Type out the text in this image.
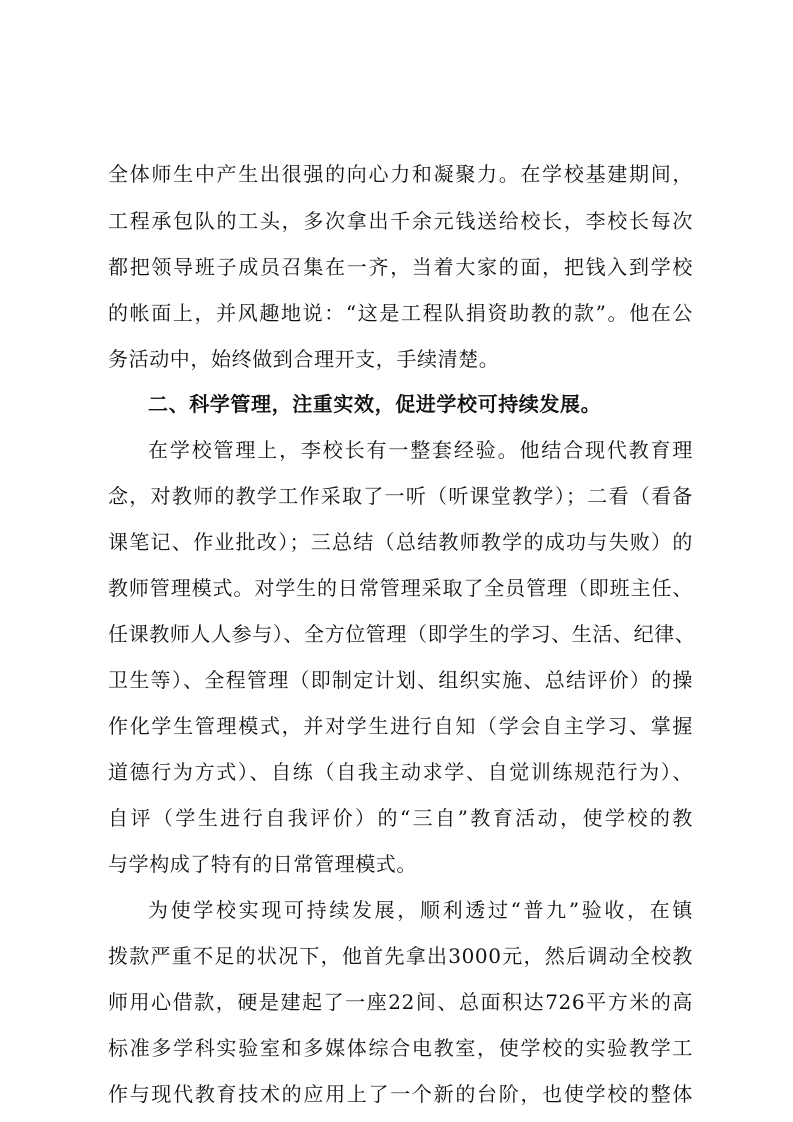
全体师生中产生出很强的向心力和凝聚力。在学校基建期间，
工程承包队的工头，多次拿出千余元钱送给校长，李校长每次
都把领导班子成员召集在一齐，当着大家的面，把钱入到学校
的帐面上，并风趣地说：“这是工程队捐资助教的款”。他在公
务活动中，始终做到合理开支，手续清楚。
二、科学管理，注重实效，促进学校可持续发展。
在学校管理上，李校长有一整套经验。他结合现代教育理
念，对教师的教学工作采取了一听（听课堂教学）；二看（看备
课笔记、作业批改）；三总结（总结教师教学的成功与失败）的
教师管理模式。对学生的日常管理采取了全员管理（即班主任、
任课教师人人参与）、全方位管理（即学生的学习、生活、纪律、
卫生等）、全程管理（即制定计划、组织实施、总结评价）的操
作化学生管理模式，并对学生进行自知（学会自主学习、掌握
道德行为方式）、自练（自我主动求学、自觉训练规范行为）、
自评（学生进行自我评价）的“三自”教育活动，使学校的教
与学构成了特有的日常管理模式。
为使学校实现可持续发展，顺利透过“普九”验收，在镇
拨款严重不足的状况下，他首先拿出3000元，然后调动全校教
师用心借款，硬是建起了一座22间、总面积达726平方米的高
标准多学科实验室和多媒体综合电教室，使学校的实验教学工
作与现代教育技术的应用上了一个新的台阶，也使学校的整体
